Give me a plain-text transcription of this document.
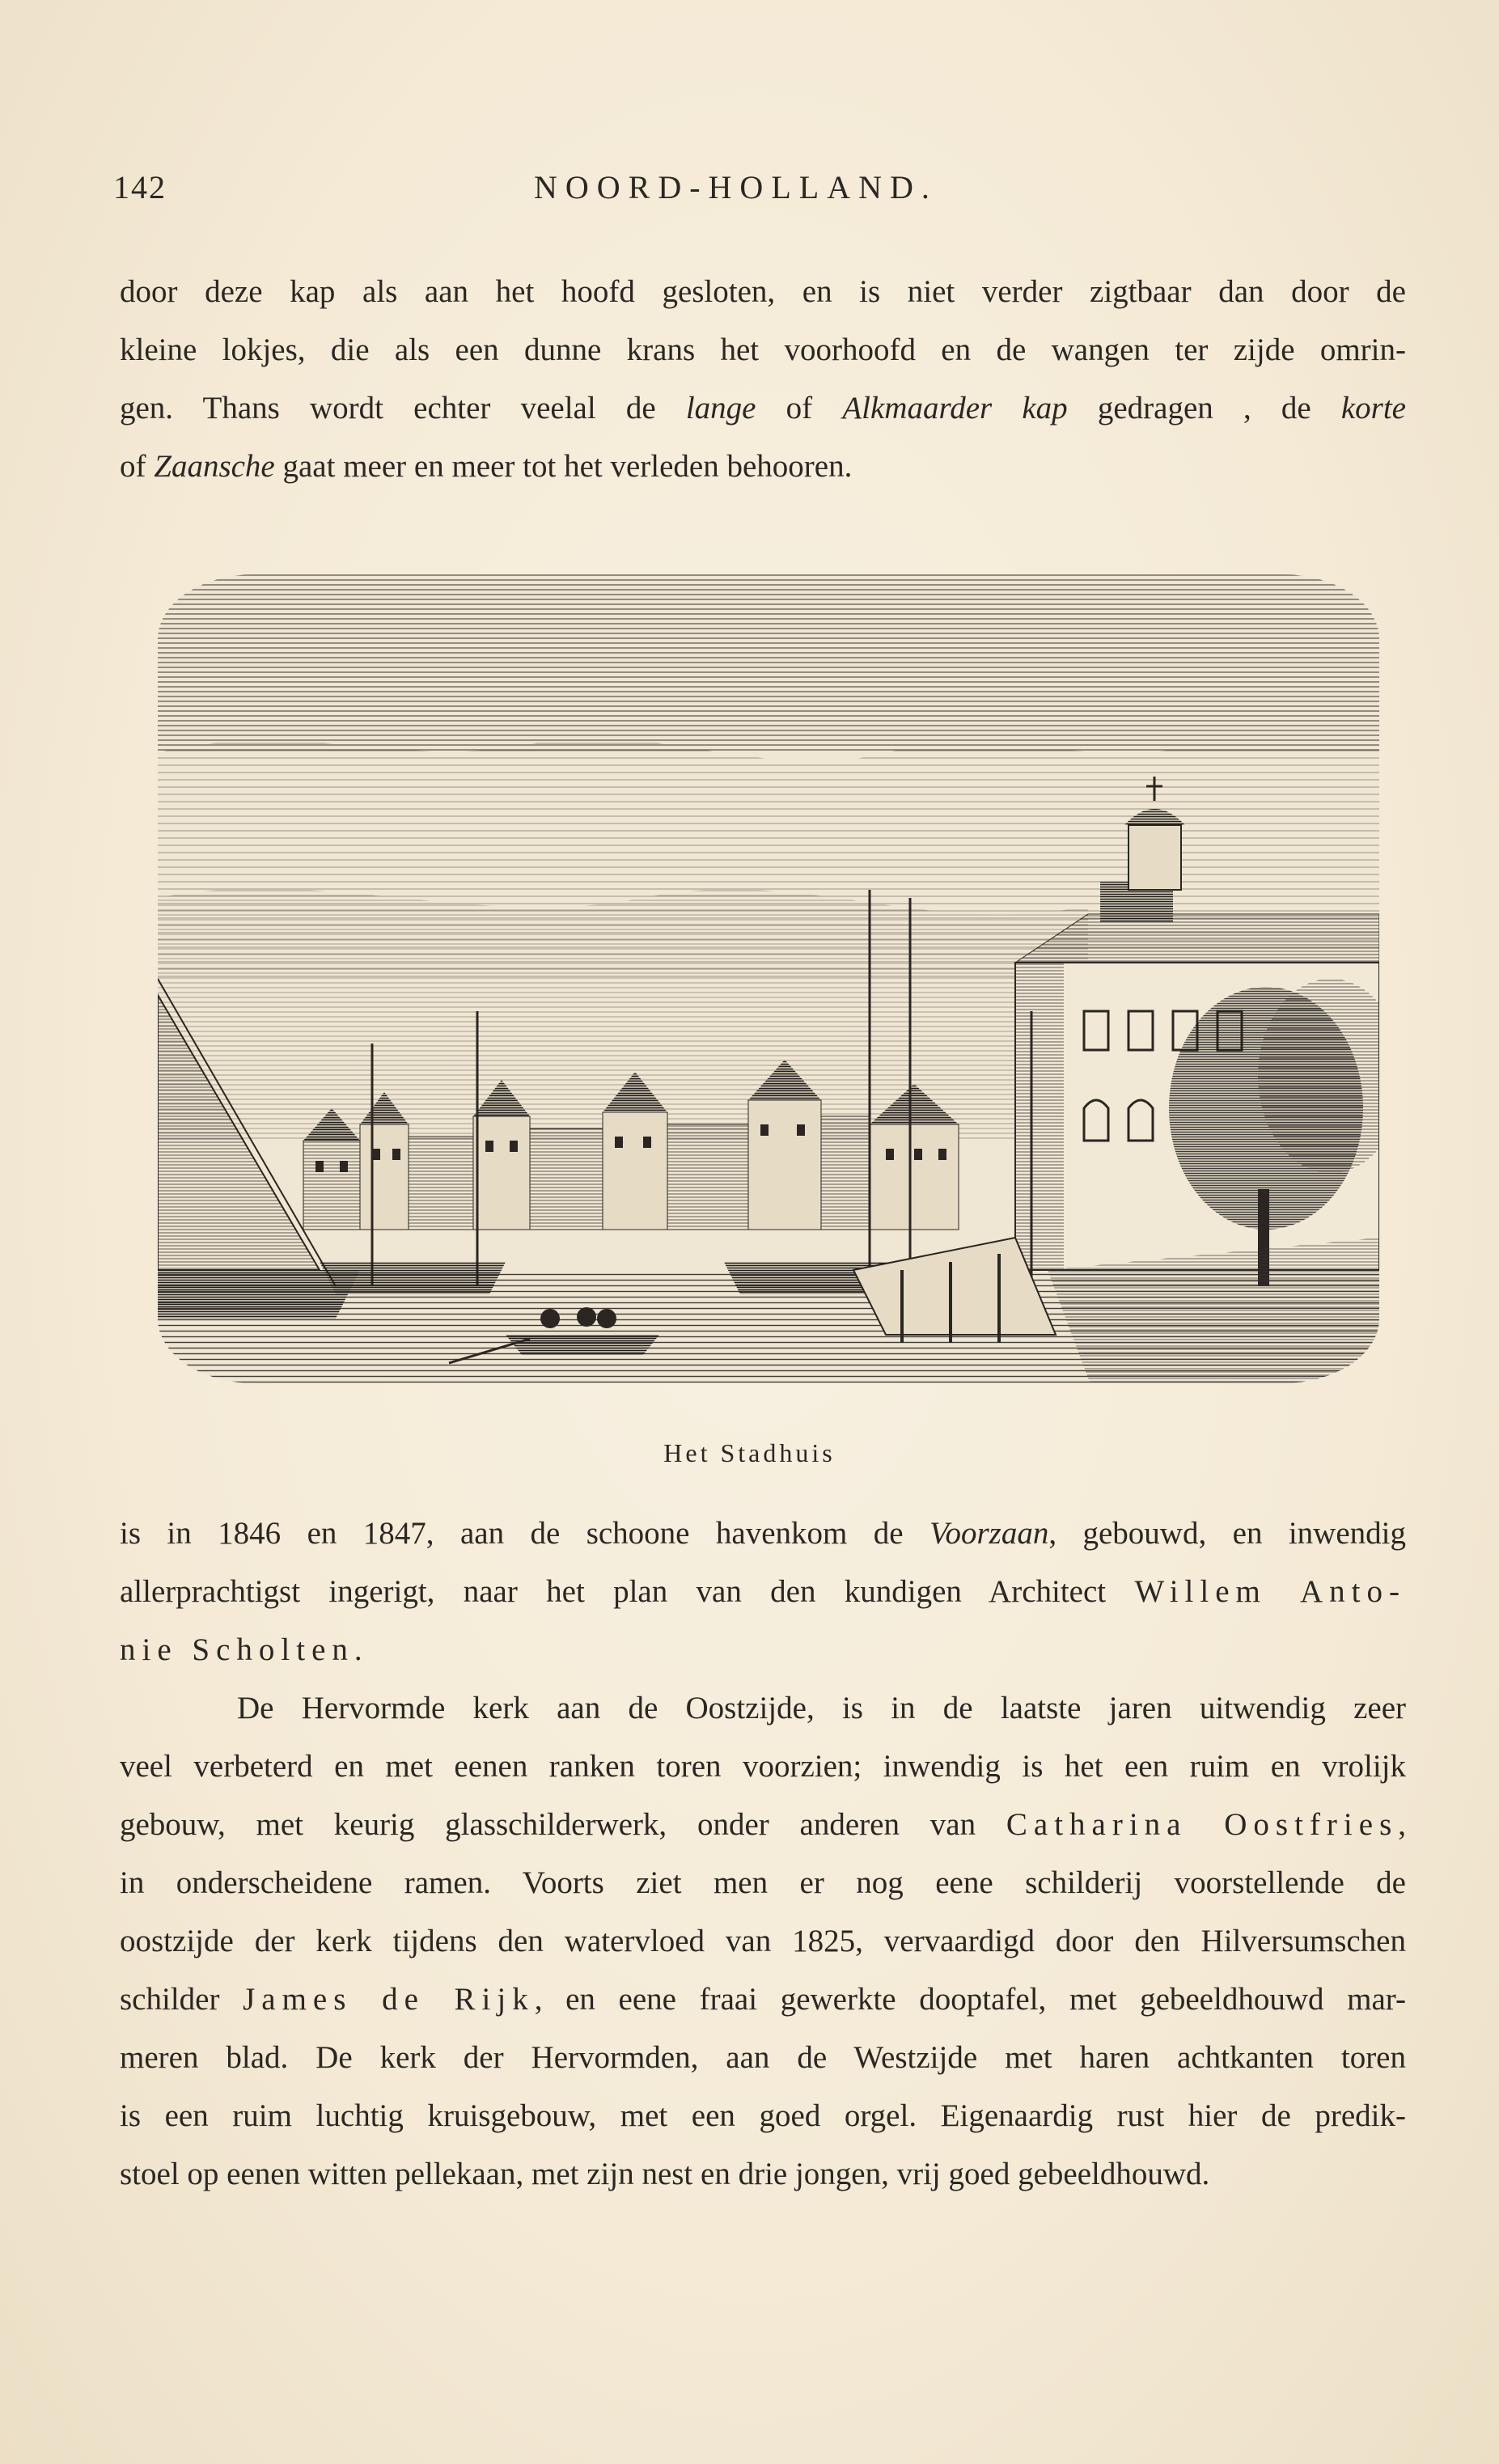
142	NOORD-HOLLAND.

door deze kap als aan het hoofd gesloten, en is niet verder zigtbaar dan door de

kleine lokjes, die als een dunne krans het voorhoofd en de wangen ter zijde omrin-

gen. Thans wordt echter veelal de lange of Alkmaarder kap gedragen , de korte

of Zaansche gaat meer en meer tot het verleden behooren.

Het Stadhuis

is in 1846 en 1847, aan de schoone havenkom de Voorzaan, gebouwd, en inwendig

allerprachtigst ingerigt, naar het plan van den kundigen Architect Willem Anto-

nie Scholten.

De Hervormde kerk aan de Oostzijde, is in de laatste jaren uitwendig zeer

veel verbeterd en met eenen ranken toren voorzien; inwendig is het een ruim en vrolijk

gebouw, met keurig glasschilderwerk, onder anderen van Catharina Oostfries,

in onderscheidene ramen. Voorts ziet men er nog eene schilderij voorstellende de

oostzijde der kerk tijdens den watervloed van 1825, vervaardigd door den Hilversumschen

schilder James de Rijk, en eene fraai gewerkte dooptafel, met gebeeldhouwd mar-

meren blad. De kerk der Hervormden, aan de Westzijde met haren achtkanten toren

is een ruim luchtig kruisgebouw, met een goed orgel. Eigenaardig rust hier de predik-

stoel op eenen witten pellekaan, met zijn nest en drie jongen, vrij goed gebeeldhouwd.
